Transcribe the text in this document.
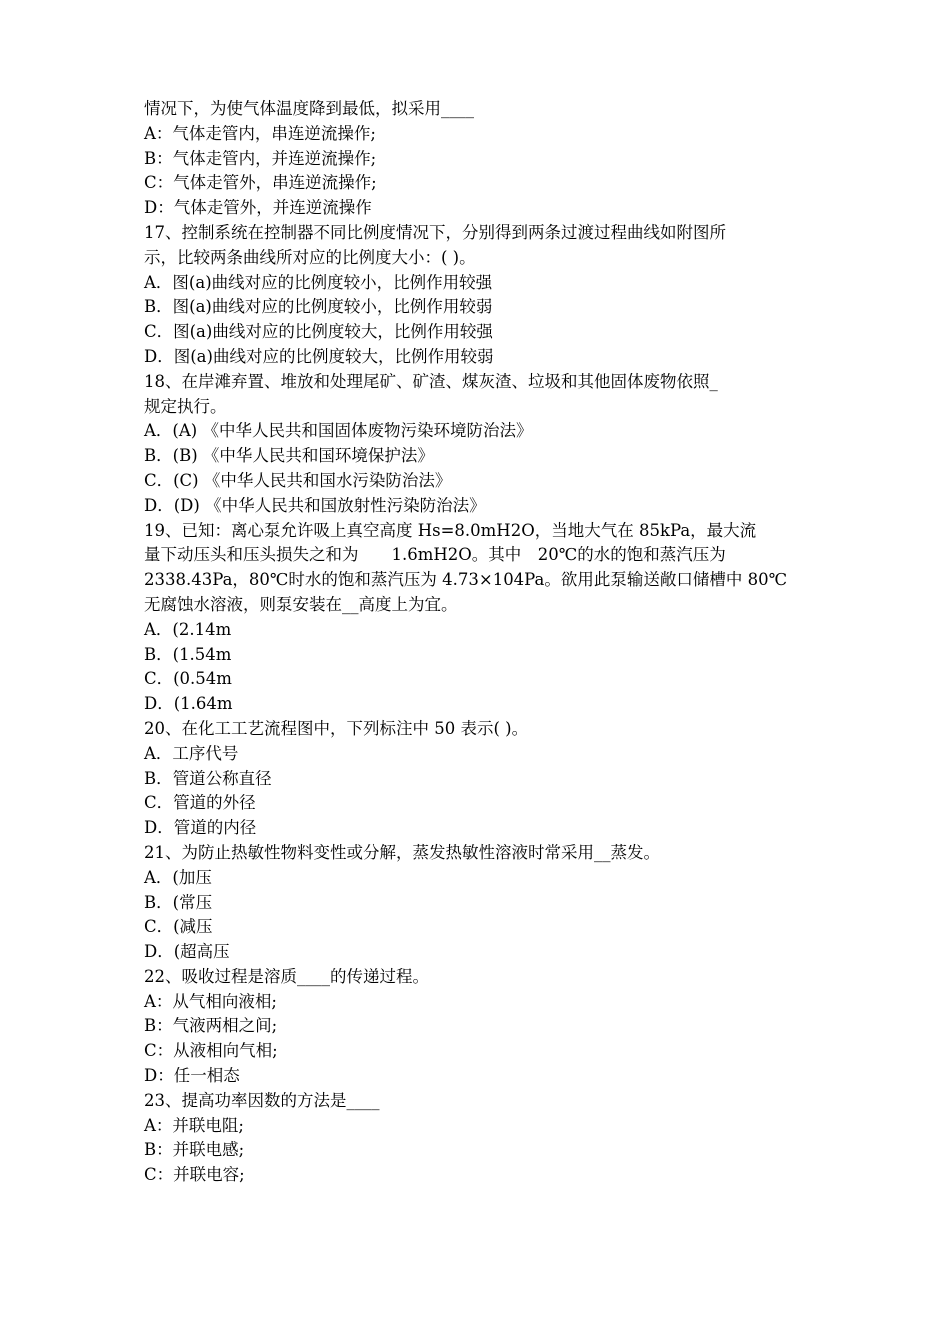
情况下，为使气体温度降到最低，拟采用____
A：气体走管内，串连逆流操作;
B：气体走管内，并连逆流操作;
C：气体走管外，串连逆流操作;
D：气体走管外，并连逆流操作
17、控制系统在控制器不同比例度情况下，分别得到两条过渡过程曲线如附图所
示，比较两条曲线所对应的比例度大小：( )。
A．图(a)曲线对应的比例度较小，比例作用较强
B．图(a)曲线对应的比例度较小，比例作用较弱
C．图(a)曲线对应的比例度较大，比例作用较强
D．图(a)曲线对应的比例度较大，比例作用较弱
18、在岸滩弃置、堆放和处理尾矿、矿渣、煤灰渣、垃圾和其他固体废物依照_
规定执行。
A．(A) 《中华人民共和国固体废物污染环境防治法》
B．(B) 《中华人民共和国环境保护法》
C．(C) 《中华人民共和国水污染防治法》
D．(D) 《中华人民共和国放射性污染防治法》
19、已知：离心泵允许吸上真空高度 Hs=8.0mH2O，当地大气在 85kPa，最大流
量下动压头和压头损失之和为　　1.6mH2O。其中　20℃的水的饱和蒸汽压为
2338.43Pa，80℃时水的饱和蒸汽压为 4.73×104Pa。欲用此泵输送敞口储槽中 80℃
无腐蚀水溶液，则泵安装在__高度上为宜。
A．(2.14m
B．(1.54m
C．(0.54m
D．(1.64m
20、在化工工艺流程图中，下列标注中 50 表示( )。
A．工序代号
B．管道公称直径
C．管道的外径
D．管道的内径
21、为防止热敏性物料变性或分解，蒸发热敏性溶液时常采用__蒸发。
A．(加压
B．(常压
C．(减压
D．(超高压
22、吸收过程是溶质____的传递过程。
A：从气相向液相;
B：气液两相之间;
C：从液相向气相;
D：任一相态
23、提高功率因数的方法是____
A：并联电阻;
B：并联电感;
C：并联电容;
